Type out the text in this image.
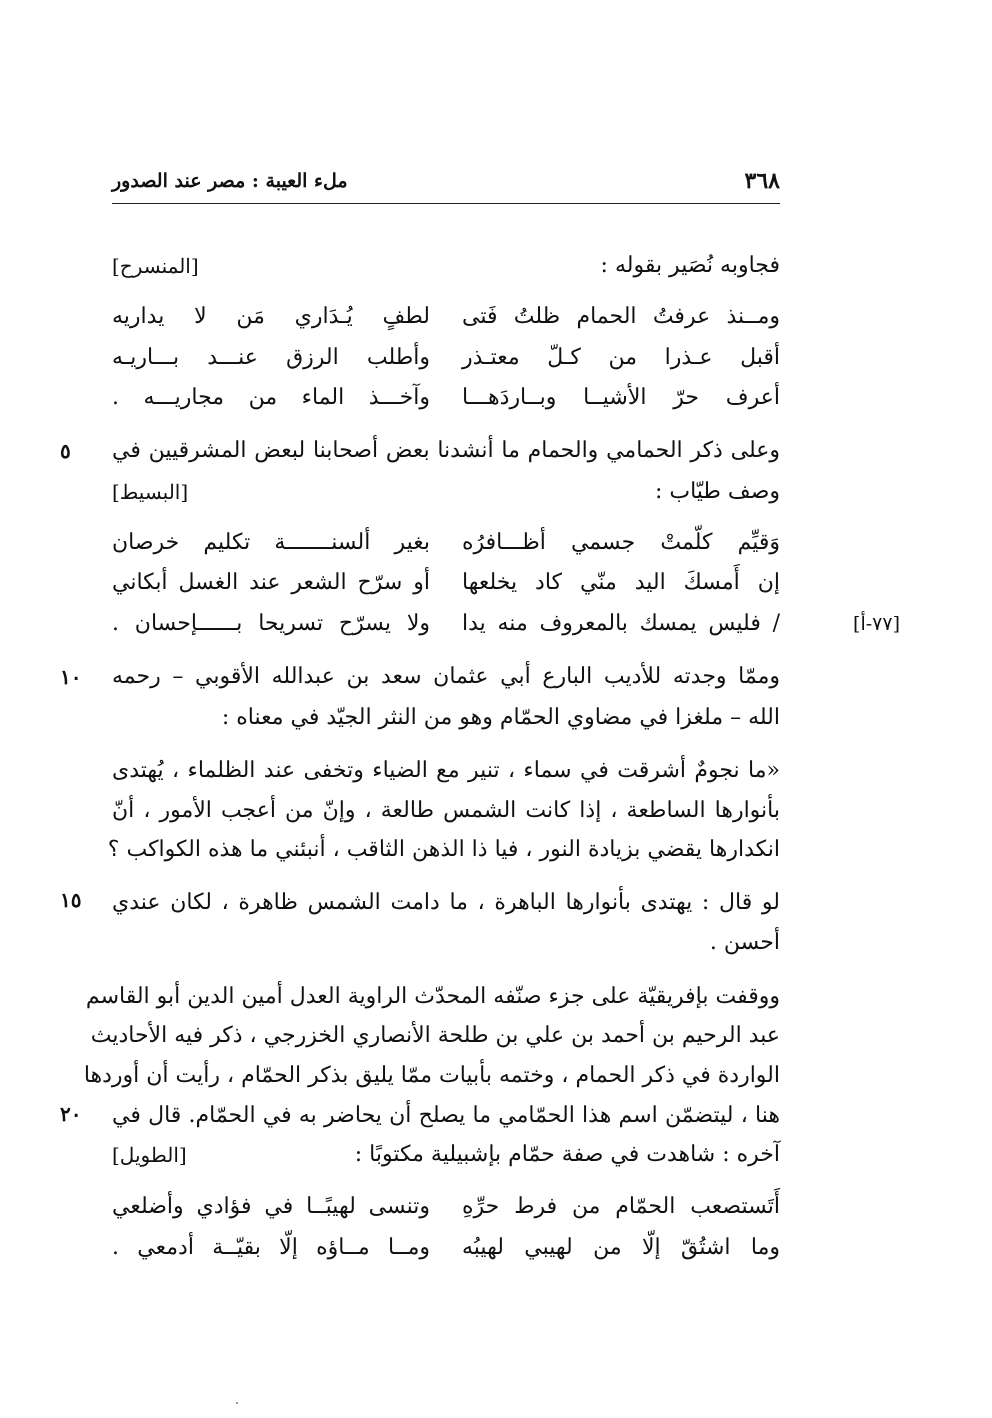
٣٦٨
ملء العيبة : مصر عند الصدور
فجاوبه نُصَير بقوله :
[المنسرح]
ومــنذ عرفتُ الحمام ظلتُ فَتى
لطفٍ يُـدَاري مَن لا يداريه
أقبل عـذرا من كـلّ معتـذر
وأطلب الرزق عنـــد بـــاريـه
أعرف حرّ الأشيــا وبــاردَهـــا
وآخـــذ الماء من مجاريـــه .
وعلى ذكر الحمامي والحمام ما أنشدنا بعض أصحابنا لبعض المشرقيين في
٥
وصف طيّاب :
[البسيط]
وَقيِّم كلّمتْ جسمي أظـــافرُه
بغير ألسنـــــــة تكليم خرصان
إن أَمسكَ اليد منّي كاد يخلعها
أو سرّح الشعر عند الغسل أبكاني
/ فليس يمسك بالمعروف منه يدا
ولا يسرّح تسريحا بــــــإحسان .	[٧٧-أ]
وممّا وجدته للأديب البارع أبي عثمان سعد بن عبدالله الأقوبي – رحمه
١٠
الله – ملغزا في مضاوي الحمّام وهو من النثر الجيّد في معناه :
«ما نجومٌ أشرقت في سماء ، تنير مع الضياء وتخفى عند الظلماء ، يُهتدى
بأنوارها الساطعة ، إذا كانت الشمس طالعة ، وإنّ من أعجب الأمور ، أنّ
انكدارها يقضي بزيادة النور ، فيا ذا الذهن الثاقب ، أنبئني ما هذه الكواكب ؟
لو قال : يهتدى بأنوارها الباهرة ، ما دامت الشمس ظاهرة ، لكان عندي
١٥
أحسن .
ووقفت بإفريقيّة على جزء صنّفه المحدّث الراوية العدل أمين الدين أبو القاسم
عبد الرحيم بن أحمد بن علي بن طلحة الأنصاري الخزرجي ، ذكر فيه الأحاديث
الواردة في ذكر الحمام ، وختمه بأبيات ممّا يليق بذكر الحمّام ، رأيت أن أوردها
هنا ، ليتضمّن اسم هذا الحمّامي ما يصلح أن يحاضر به في الحمّام. قال في
٢٠
آخره : شاهدت في صفة حمّام بإشبيلية مكتوبًا :
[الطويل]
أَتَستصعب الحمّام من فرط حرِّهِ
وتنسى لهيبًــا في فؤادي وأضلعي
وما اشتُقّ إلّا من لهيبي لهيبُه
ومــا مــاؤه إلّا بقيّــة أدمعي .
